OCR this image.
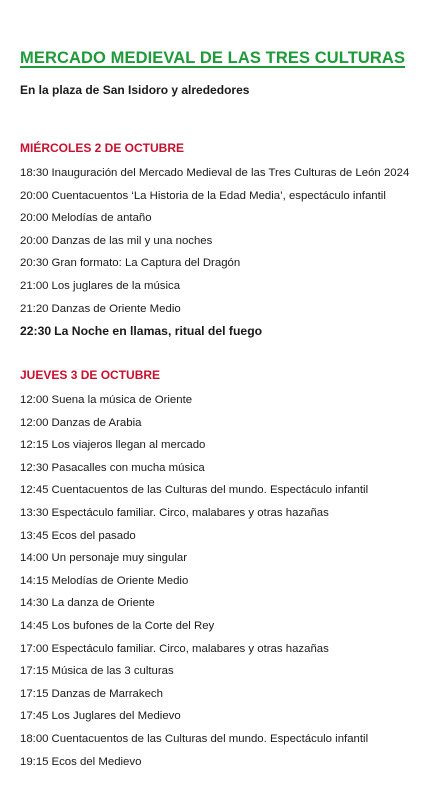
MERCADO MEDIEVAL DE LAS TRES CULTURAS
En la plaza de San Isidoro y alrededores
MIÉRCOLES 2 DE OCTUBRE
18:30 Inauguración del Mercado Medieval de las Tres Culturas de León 2024
20:00 Cuentacuentos ‘La Historia de la Edad Media’, espectáculo infantil
20:00 Melodías de antaño
20:00 Danzas de las mil y una noches
20:30 Gran formato: La Captura del Dragón
21:00 Los juglares de la música
21:20 Danzas de Oriente Medio
22:30 La Noche en llamas, ritual del fuego
JUEVES 3 DE OCTUBRE
12:00 Suena la música de Oriente
12:00 Danzas de Arabia
12:15 Los viajeros llegan al mercado
12:30 Pasacalles con mucha música
12:45 Cuentacuentos de las Culturas del mundo. Espectáculo infantil
13:30 Espectáculo familiar. Circo, malabares y otras hazañas
13:45 Ecos del pasado
14:00 Un personaje muy singular
14:15 Melodías de Oriente Medio
14:30 La danza de Oriente
14:45 Los bufones de la Corte del Rey
17:00 Espectáculo familiar. Circo, malabares y otras hazañas
17:15 Música de las 3 culturas
17:15 Danzas de Marrakech
17:45 Los Juglares del Medievo
18:00 Cuentacuentos de las Culturas del mundo. Espectáculo infantil
19:15 Ecos del Medievo
